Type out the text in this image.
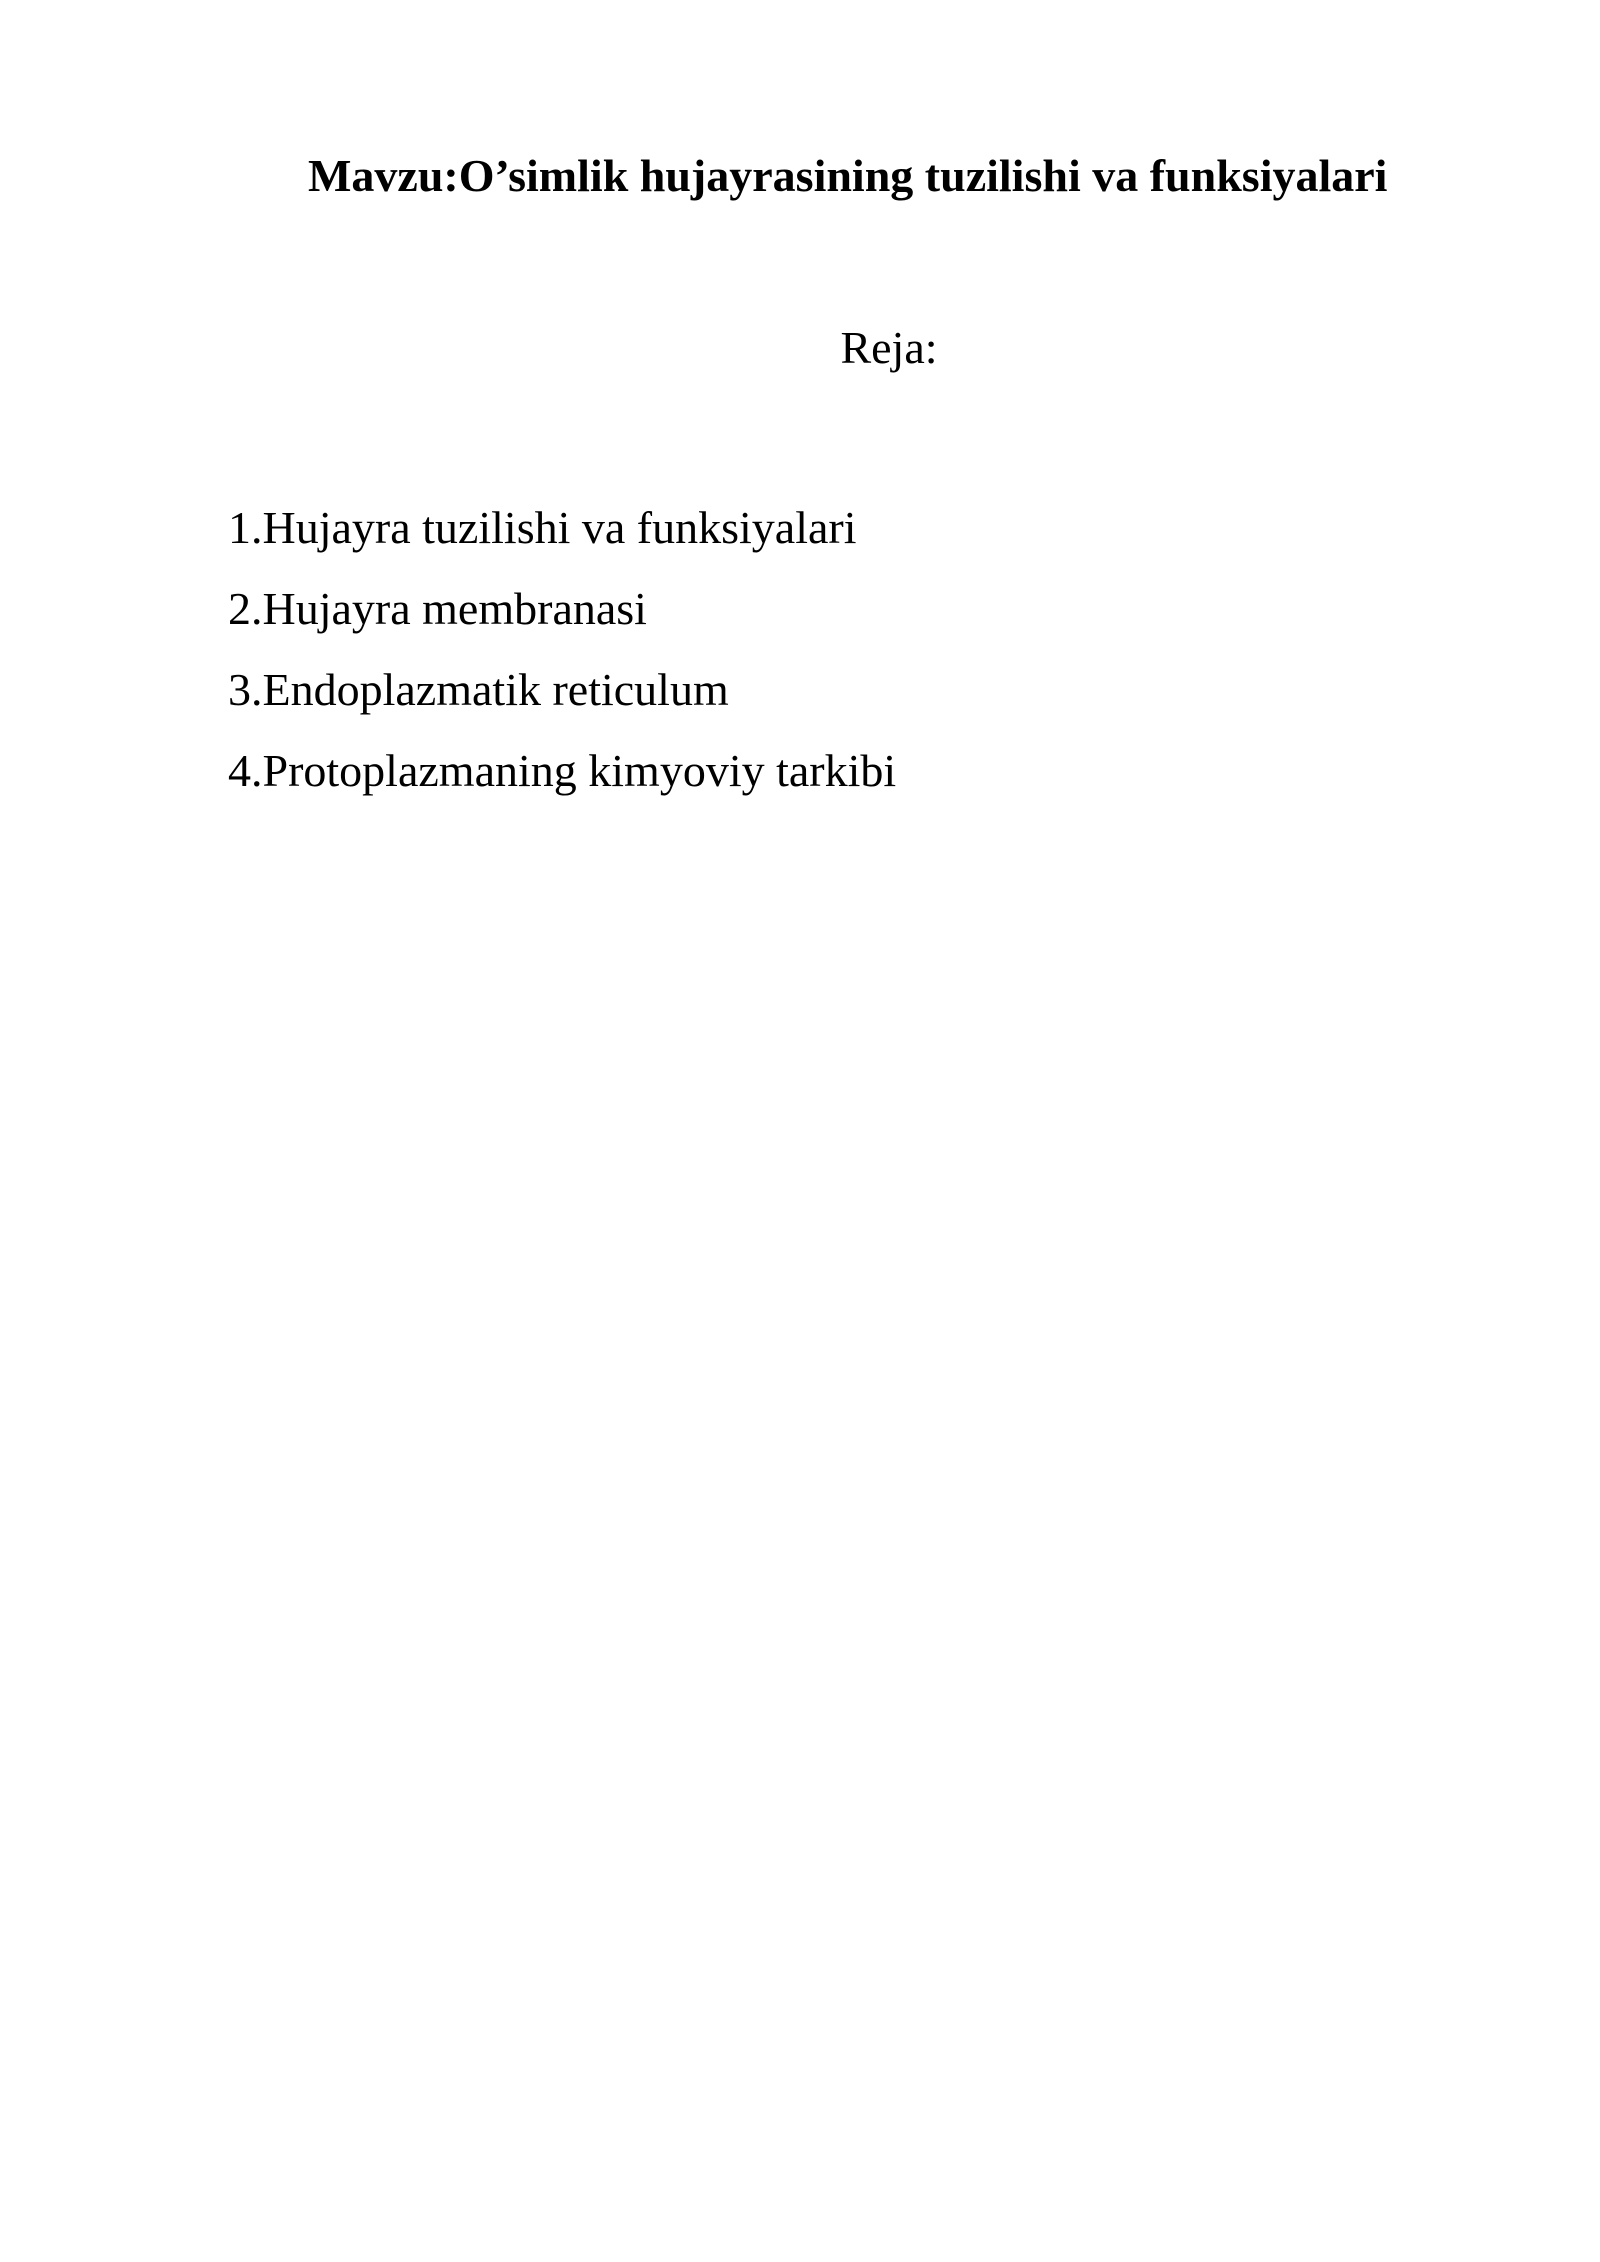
Mavzu:O’simlik hujayrasining tuzilishi va funksiyalari
Reja:
1.Hujayra tuzilishi va funksiyalari
2.Hujayra membranasi
3.Endoplazmatik reticulum
4.Protoplazmaning kimyoviy tarkibi
